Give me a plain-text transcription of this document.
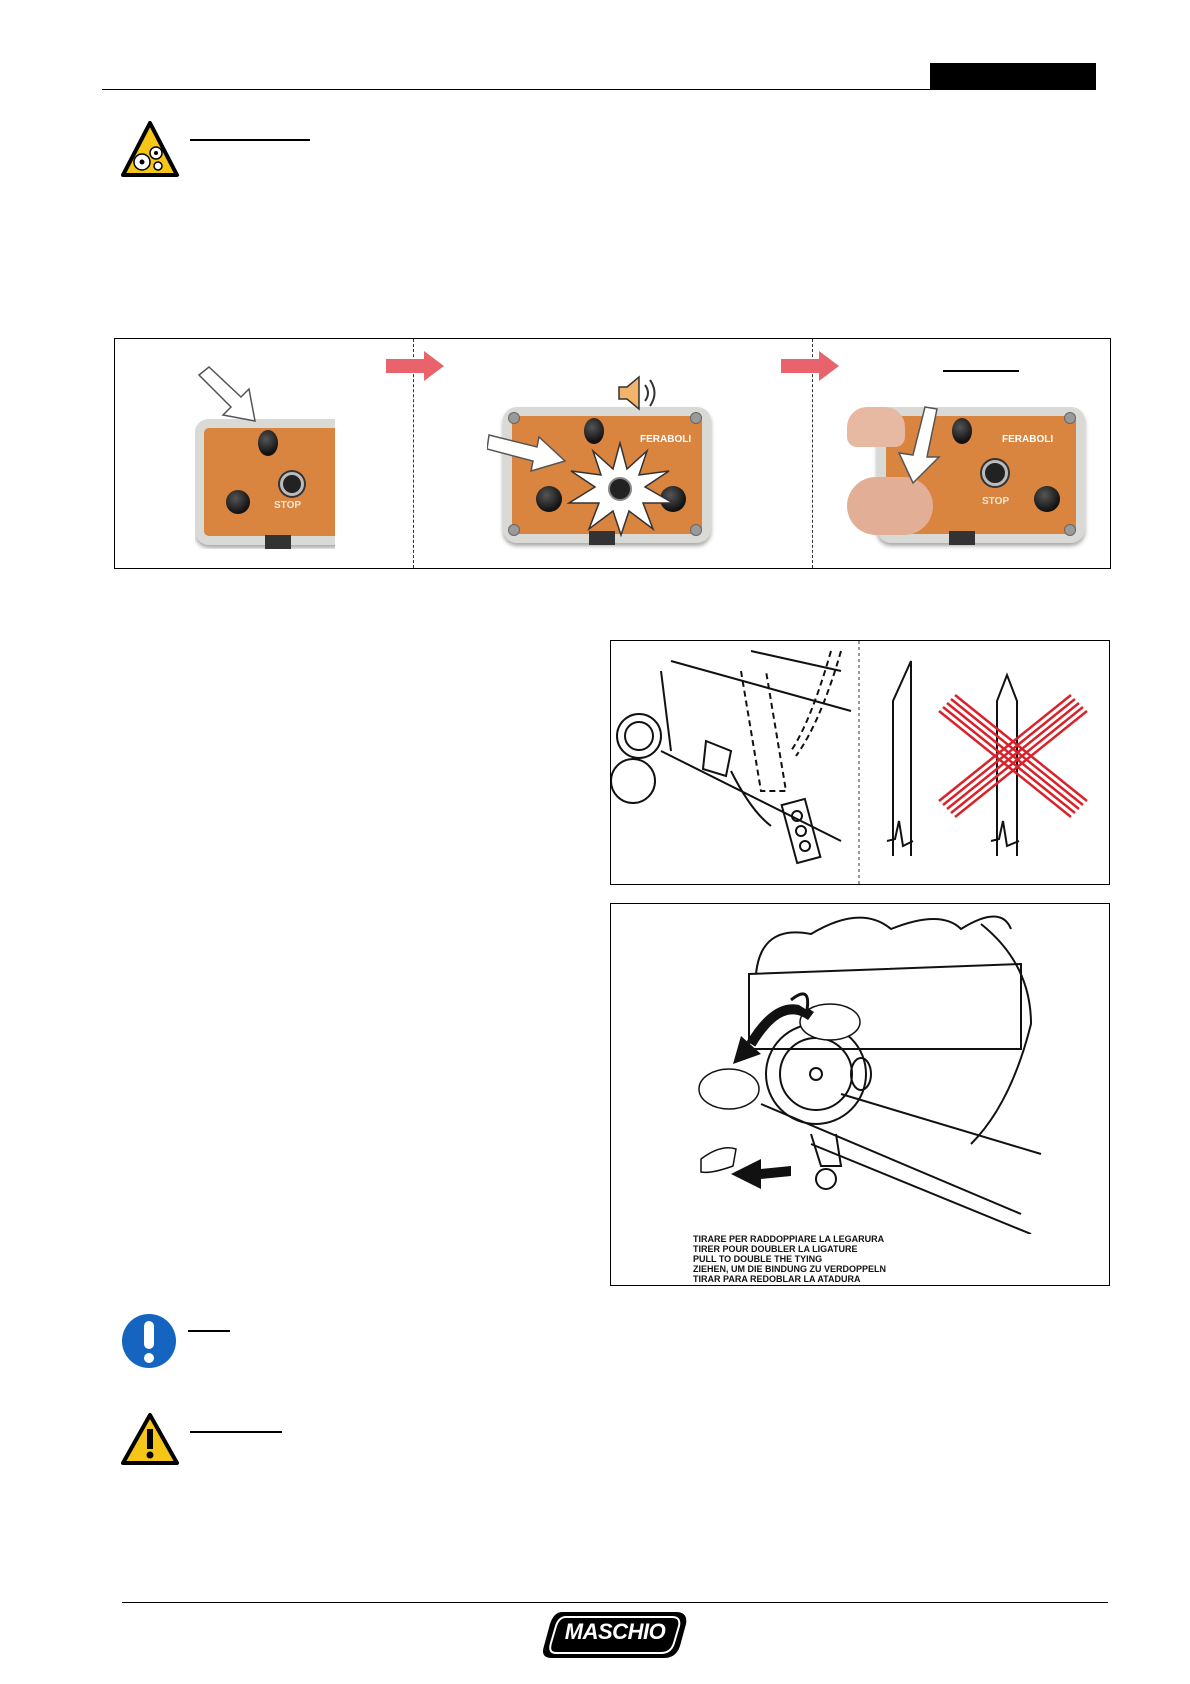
STOP
FERABOLI	FERABOLI
STOP
TIRARE PER RADDOPPIARE LA LEGARURA
TIRER POUR DOUBLER LA LIGATURE
PULL TO DOUBLE THE TYING
ZIEHEN, UM DIE BINDUNG ZU VERDOPPELN
TIRAR PARA REDOBLAR LA ATADURA
MASCHIO
